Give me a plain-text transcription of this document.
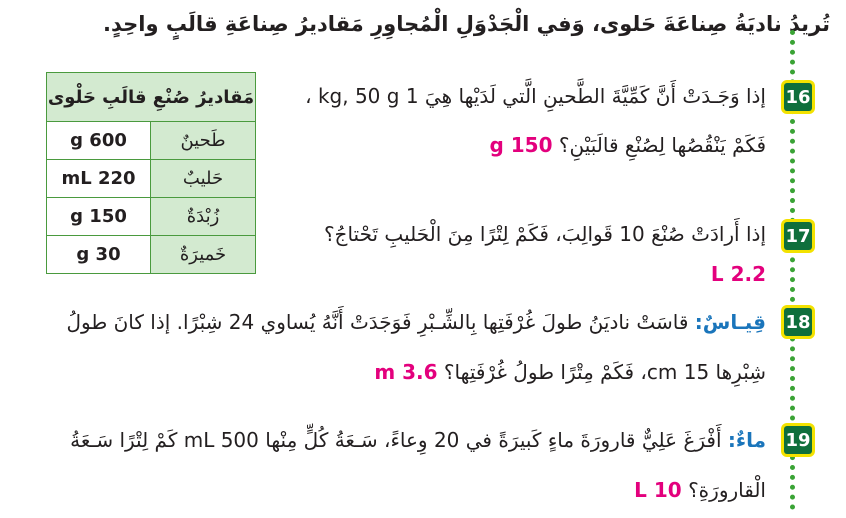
تُريدُ ناديَةُ صِناعَةَ حَلوى، وَفي الْجَدْوَلِ الْمُجاوِرِ مَقاديرُ صِناعَةِ قالَبٍ واحِدٍ.
مَقاديرُ صُنْعِ قالَبِ حَلْوى	
طَحينٌ	600 g
حَليبٌ	220 mL
زُبْدَةٌ	150 g
خَميرَةٌ	30 g
16
إذا وَجَـدَتْ أَنَّ كَمِّيَّةَ الطَّحينِ الَّتي لَدَيْها هِيَ 1 kg, 50 g ،
فَكَمْ يَنْقُصُها لِصُنْعِ قالَبَيْنِ؟ 150 g
17
إذا أَرادَتْ صُنْعَ 10 قَوالِبَ، فَكَمْ لِتْرًا مِنَ الْحَليبِ تَحْتاجُ؟
2.2 L
18
قِيـاسٌ: قاسَتْ ناديَنُ طولَ غُرْفَتِها بِالشِّـبْرِ فَوَجَدَتْ أَنَّهُ يُساوي 24 شِبْرًا. إذا كانَ طولُ
شِبْرِها 15 cm، فَكَمْ مِتْرًا طولُ غُرْفَتِها؟ 3.6 m
19
ماءٌ: أَفْرَغَ عَلِيٌّ قارورَةَ ماءٍ كَبيرَةً في 20 وِعاءً، سَـعَةُ كُلٍّ مِنْها 500 mL كَمْ لِتْرًا سَـعَةُ
الْقارورَةِ؟ 10 L
